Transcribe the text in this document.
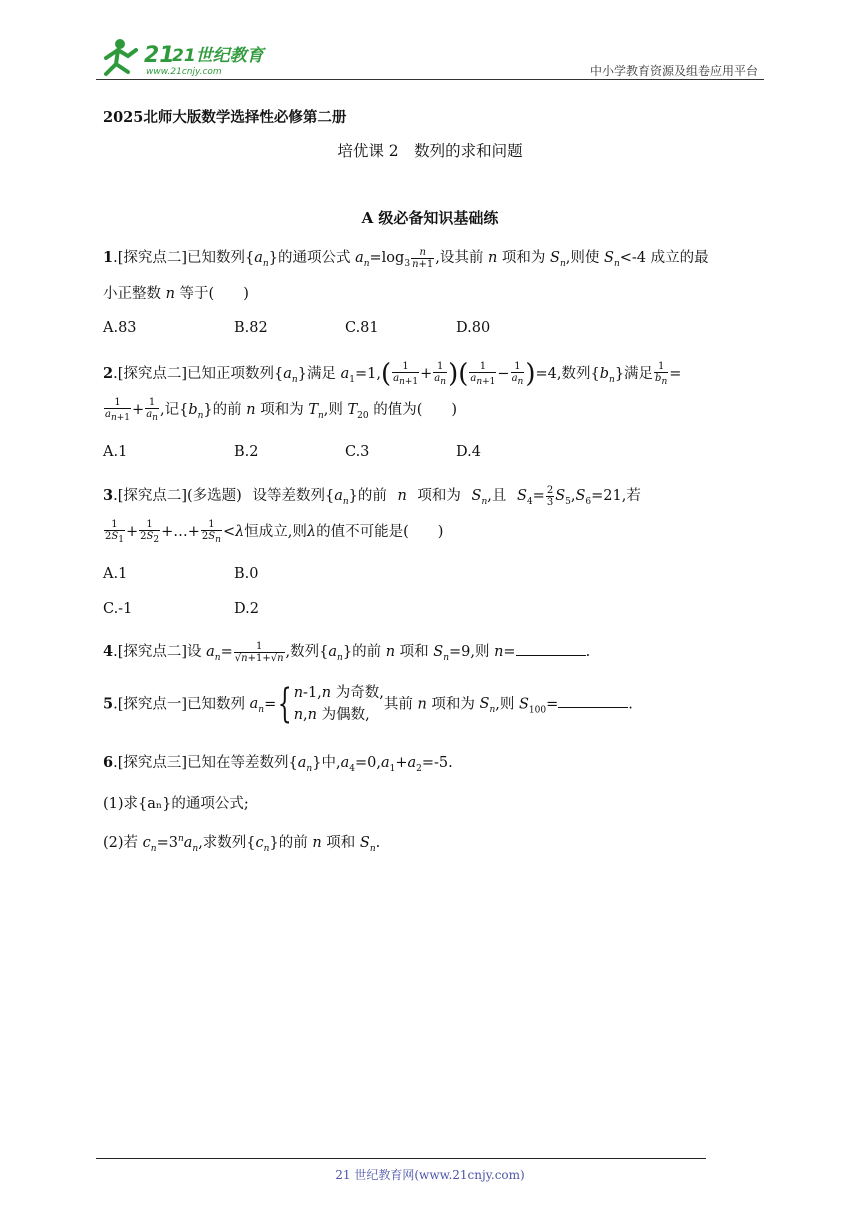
21
21世纪教育
www.21cnjy.com	中小学教育资源及组卷应用平台
2025北师大版数学选择性必修第二册
培优课 2　数列的求和问题
A 级必备知识基础练
1.[探究点二]已知数列$\{a_n\}$的通项公式 $a_n=\log_3 \frac{n}{n+1}$ ,设其前 n 项和为 $S_n$,则使 $S_n<-4$ 成立的最
小正整数 n 等于(　　)
A.83	B.82	C.81	D.80
2.[探究点二]已知正项数列$\{a_n\}$满足 $a_1=1,( \frac{1}{a_{n+1}} + \frac{1}{a_n}$ )( $\frac{1}{a_{n+1}} - \frac{1}{a_n} )=4$,数列$\{b_n\}$满足 $\frac{1}{b_n}$ =
$\frac{1}{a_{n+1}} + \frac{1}{a_n}$ ,记$\{b_n\}$的前 n 项和为 $T_n$,则 $T_{20}$ 的值为(　　)
A.1	B.2	C.3	D.4
3.[探究点二](多选题) 设等差数列$\{a_n\}$的前 n 项和为 $S_n$,且 $S_4= \frac{2}{3} S_5,S_6=21$,若
$\frac{1}{2S_1} + \frac{1}{2S_2}$ +…+ $\frac{1}{2S_n} <\lambda$恒成立,则λ的值不可能是(　　)
A.1	B.0
C.-1	D.2
4.[探究点二]设 $a_n= \frac{1}{√n+1+√n}$ ,数列$\{a_n\}$的前 n 项和 $S_n=9$,则 n=	.
5.[探究点一]已知数列 $a_n=${ n-1,n 为奇数,
n,n 为偶数,其前 n 项和为 $S_n$,则 $S_{100}=$	.
6.[探究点三]已知在等差数列$\{a_n\}$中$,a_4=0,a_1+a_2=-5$.
(1)求{aₙ}的通项公式;
(2)若 $c_n=3^na_n$,求数列$\{c_n\}$的前 n 项和 $S_n$.
21 世纪教育网(www.21cnjy.com)
